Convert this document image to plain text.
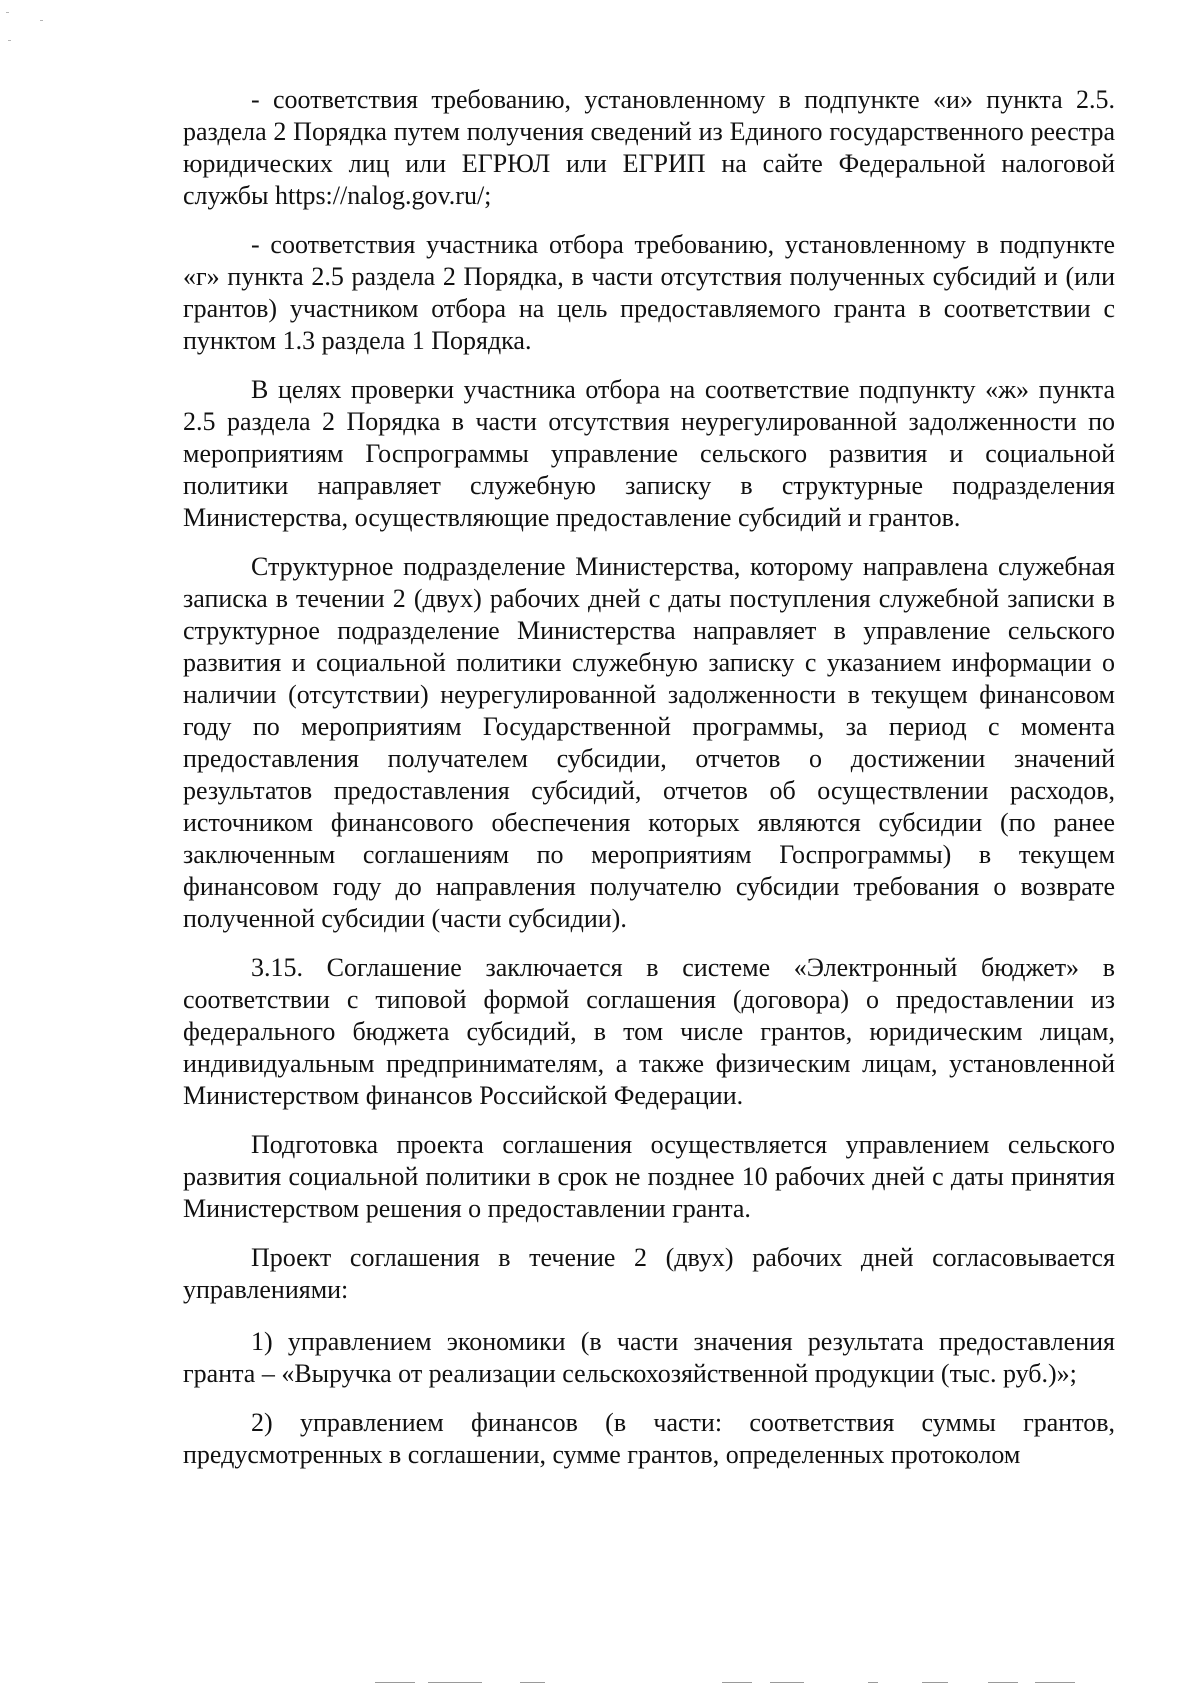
- соответствия требованию, установленному в подпункте «и» пункта 2.5. раздела 2 Порядка путем получения сведений из Единого государственного реестра юридических лиц или ЕГРЮЛ или ЕГРИП на сайте Федеральной налоговой службы https://nalog.gov.ru/;

- соответствия участника отбора требованию, установленному в подпункте «г» пункта 2.5 раздела 2 Порядка, в части отсутствия полученных субсидий и (или грантов) участником отбора на цель предоставляемого гранта в соответствии с пунктом 1.3 раздела 1 Порядка.

В целях проверки участника отбора на соответствие подпункту «ж» пункта 2.5 раздела 2 Порядка в части отсутствия неурегулированной задолженности по мероприятиям Госпрограммы управление сельского развития и социальной политики направляет служебную записку в структурные подразделения Министерства, осуществляющие предоставление субсидий и грантов.

Структурное подразделение Министерства, которому направлена служебная записка в течении 2 (двух) рабочих дней с даты поступления служебной записки в структурное подразделение Министерства направляет в управление сельского развития и социальной политики служебную записку с указанием информации о наличии (отсутствии) неурегулированной задолженности в текущем финансовом году по мероприятиям Государственной программы, за период с момента предоставления получателем субсидии, отчетов о достижении значений результатов предоставления субсидий, отчетов об осуществлении расходов, источником финансового обеспечения которых являются субсидии (по ранее заключенным соглашениям по мероприятиям Госпрограммы) в текущем финансовом году до направления получателю субсидии требования о возврате полученной субсидии (части субсидии).

3.15. Соглашение заключается в системе «Электронный бюджет» в соответствии с типовой формой соглашения (договора) о предоставлении из федерального бюджета субсидий, в том числе грантов, юридическим лицам, индивидуальным предпринимателям, а также физическим лицам, установленной Министерством финансов Российской Федерации.

Подготовка проекта соглашения осуществляется управлением сельского развития социальной политики в срок не позднее 10 рабочих дней с даты принятия Министерством решения о предоставлении гранта.

Проект соглашения в течение 2 (двух) рабочих дней согласовывается управлениями:

1) управлением экономики (в части значения результата предоставления гранта – «Выручка от реализации сельскохозяйственной продукции (тыс. руб.)»;

2) управлением финансов (в части: соответствия суммы грантов, предусмотренных в соглашении, сумме грантов, определенных протоколом
